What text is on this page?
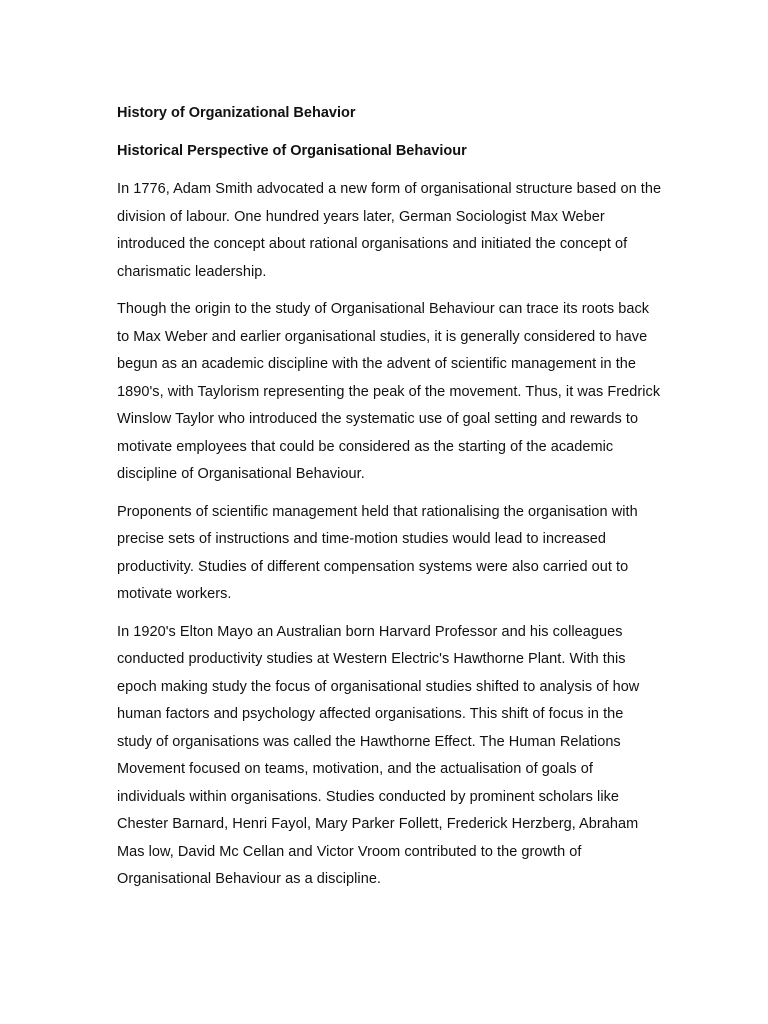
History of Organizational Behavior
Historical Perspective of Organisational Behaviour

In 1776, Adam Smith advocated a new form of organisational structure based on the division of labour. One hundred years later, German Sociologist Max Weber introduced the concept about rational organisations and initiated the concept of charismatic leadership.

Though the origin to the study of Organisational Behaviour can trace its roots back to Max Weber and earlier organisational studies, it is generally considered to have begun as an academic discipline with the advent of scientific management in the 1890's, with Taylorism representing the peak of the movement. Thus, it was Fredrick Winslow Taylor who introduced the systematic use of goal setting and rewards to motivate employees that could be considered as the starting of the academic discipline of Organisational Behaviour.

Proponents of scientific management held that rationalising the organisation with precise sets of instructions and time-motion studies would lead to increased productivity. Studies of different compensation systems were also carried out to motivate workers.

In 1920's Elton Mayo an Australian born Harvard Professor and his colleagues conducted productivity studies at Western Electric's Hawthorne Plant. With this epoch making study the focus of organisational studies shifted to analysis of how human factors and psychology affected organisations. This shift of focus in the study of organisations was called the Hawthorne Effect. The Human Relations Movement focused on teams, motivation, and the actualisation of goals of individuals within organisations. Studies conducted by prominent scholars like Chester Barnard, Henri Fayol, Mary Parker Follett, Frederick Herzberg, Abraham Mas low, David Mc Cellan and Victor Vroom contributed to the growth of Organisational Behaviour as a discipline.
